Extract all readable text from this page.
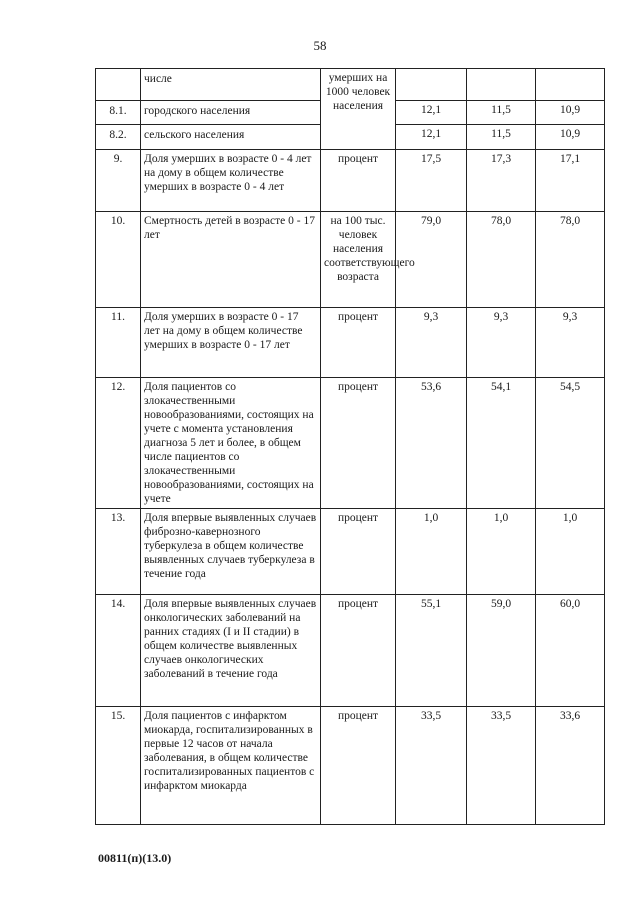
58
	числе	умерших на 1000 человек населения			
8.1.	городского населения		12,1	11,5	10,9
8.2.	сельского населения		12,1	11,5	10,9
9.	Доля умерших в возрасте 0 - 4 лет на дому в общем количестве умерших в возрасте 0 - 4 лет	процент	17,5	17,3	17,1
10.	Смертность детей в возрасте 0 - 17 лет	на 100 тыс. человек населения соответствующего возраста	79,0	78,0	78,0
11.	Доля умерших в возрасте 0 - 17 лет на дому в общем количестве умерших в возрасте 0 - 17 лет	процент	9,3	9,3	9,3
12.	Доля пациентов со злокачественными новообразованиями, состоящих на учете с момента установления диагноза 5 лет и более, в общем числе пациентов со злокачественными новообразованиями, состоящих на учете	процент	53,6	54,1	54,5
13.	Доля впервые выявленных случаев фиброзно-кавернозного туберкулеза в общем количестве выявленных случаев туберкулеза в течение года	процент	1,0	1,0	1,0
14.	Доля впервые выявленных случаев онкологических заболеваний на ранних стадиях (I и II стадии) в общем количестве выявленных случаев онкологических заболеваний в течение года	процент	55,1	59,0	60,0
15.	Доля пациентов с инфарктом миокарда, госпитализированных в первые 12 часов от начала заболевания, в общем количестве госпитализированных пациентов с инфарктом миокарда	процент	33,5	33,5	33,6
00811(п)(13.0)
